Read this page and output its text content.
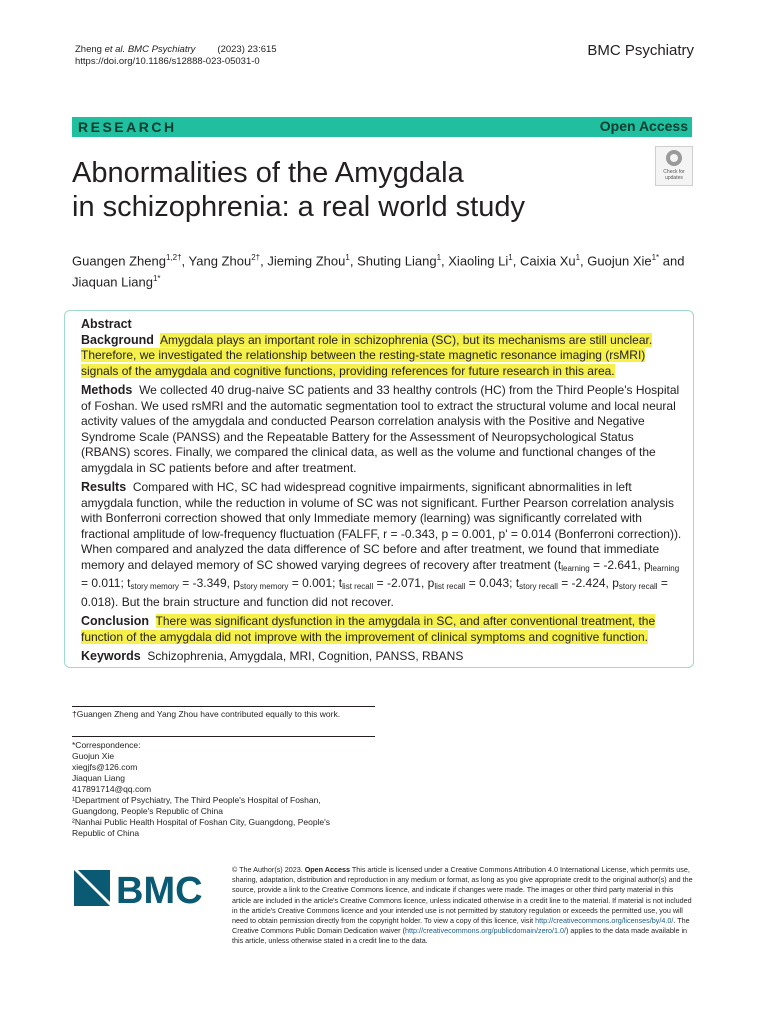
Zheng et al. BMC Psychiatry (2023) 23:615
https://doi.org/10.1186/s12888-023-05031-0
BMC Psychiatry
RESEARCH	Open Access
Check for updates
Abnormalities of the Amygdala
in schizophrenia: a real world study
Guangen Zheng$^{1,2\dagger}$, Yang Zhou$^{2\dagger}$, Jieming Zhou$^1$, Shuting Liang$^1$, Xiaoling Li$^1$, Caixia Xu$^1$, Guojun Xie$^{1*}$ and
Jiaquan Liang$^{1*}$

Abstract

Background Amygdala plays an important role in schizophrenia (SC), but its mechanisms are still unclear. Therefore, we investigated the relationship between the resting-state magnetic resonance imaging (rsMRI) signals of the amygdala and cognitive functions, providing references for future research in this area.

Methods We collected 40 drug-naive SC patients and 33 healthy controls (HC) from the Third People's Hospital of Foshan. We used rsMRI and the automatic segmentation tool to extract the structural volume and local neural activity values of the amygdala and conducted Pearson correlation analysis with the Positive and Negative Syndrome Scale (PANSS) and the Repeatable Battery for the Assessment of Neuropsychological Status (RBANS) scores. Finally, we compared the clinical data, as well as the volume and functional changes of the amygdala in SC patients before and after treatment.

Results Compared with HC, SC had widespread cognitive impairments, significant abnormalities in left amygdala function, while the reduction in volume of SC was not significant. Further Pearson correlation analysis with Bonferroni correction showed that only Immediate memory (learning) was significantly correlated with fractional amplitude of low-frequency fluctuation (FALFF, r = -0.343, p = 0.001, p' = 0.014 (Bonferroni correction)). When compared and analyzed the data difference of SC before and after treatment, we found that immediate memory and delayed memory of SC showed varying degrees of recovery after treatment ($t_{learning} = -2.641$, $p_{learning} = 0.011$; $t_{story memory} = -3.349$, $p_{story memory} = 0.001$; $t_{list recall} = -2.071$, $p_{list recall} = 0.043$; $t_{story recall} = -2.424$, $p_{story recall} = 0.018$). But the brain structure and function did not recover.

Conclusion There was significant dysfunction in the amygdala in SC, and after conventional treatment, the function of the amygdala did not improve with the improvement of clinical symptoms and cognitive function.

Keywords Schizophrenia, Amygdala, MRI, Cognition, PANSS, RBANS

†Guangen Zheng and Yang Zhou have contributed equally to this work.
*Correspondence:
Guojun Xie
xiegjfs@126.com
Jiaquan Liang
417891714@qq.com
¹Department of Psychiatry, The Third People's Hospital of Foshan, Guangdong, People's Republic of China
²Nanhai Public Health Hospital of Foshan City, Guangdong, People's Republic of China
BMC
© The Author(s) 2023. Open Access This article is licensed under a Creative Commons Attribution 4.0 International License, which permits use, sharing, adaptation, distribution and reproduction in any medium or format, as long as you give appropriate credit to the original author(s) and the source, provide a link to the Creative Commons licence, and indicate if changes were made. The images or other third party material in this article are included in the article's Creative Commons licence, unless indicated otherwise in a credit line to the material. If material is not included in the article's Creative Commons licence and your intended use is not permitted by statutory regulation or exceeds the permitted use, you will need to obtain permission directly from the copyright holder. To view a copy of this licence, visit http://creativecommons.org/licenses/by/4.0/. The Creative Commons Public Domain Dedication waiver (http://creativecommons.org/publicdomain/zero/1.0/) applies to the data made available in this article, unless otherwise stated in a credit line to the data.
